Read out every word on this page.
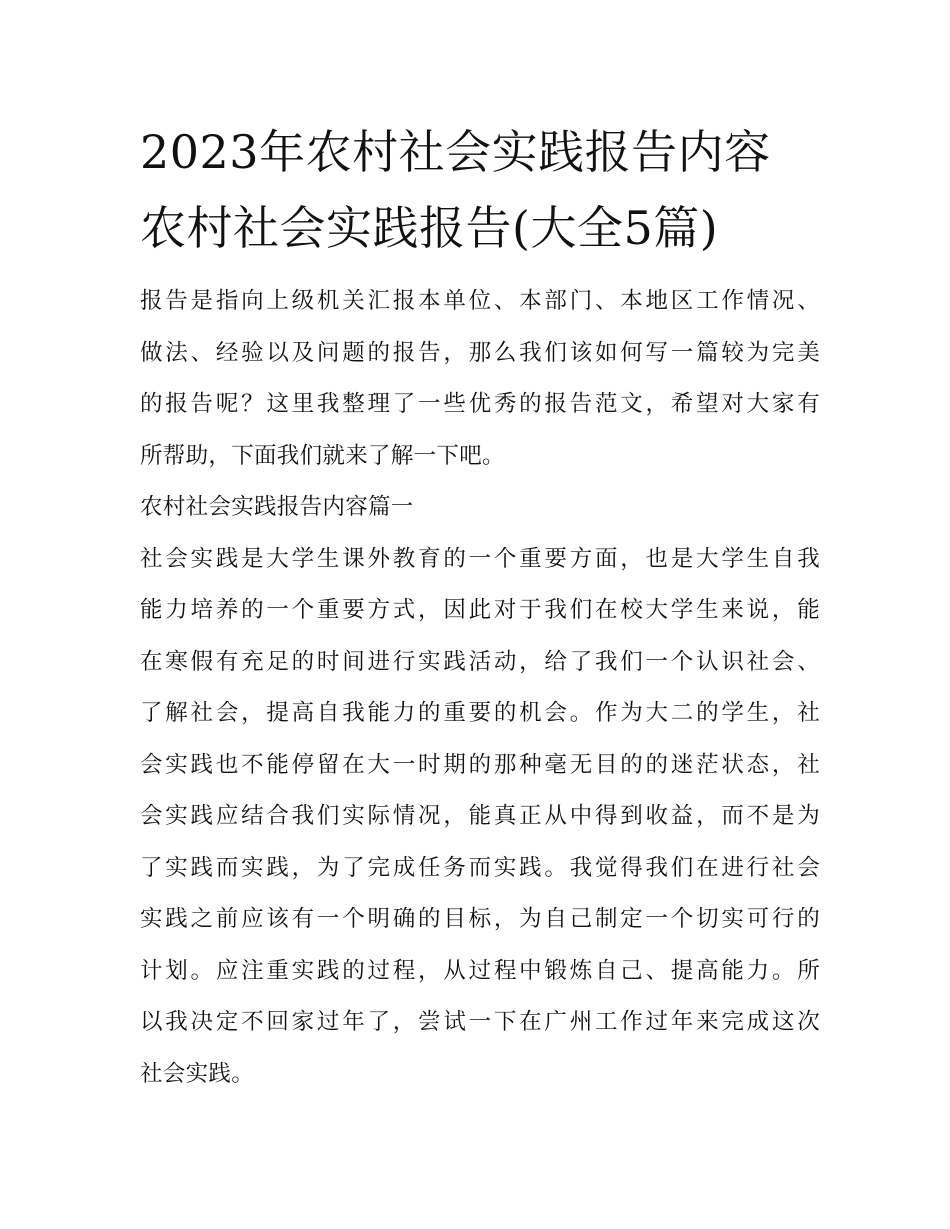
2023年农村社会实践报告内容
农村社会实践报告(大全5篇)

报告是指向上级机关汇报本单位、本部门、本地区工作情况、
做法、经验以及问题的报告，那么我们该如何写一篇较为完美
的报告呢？这里我整理了一些优秀的报告范文，希望对大家有
所帮助，下面我们就来了解一下吧。

农村社会实践报告内容篇一

社会实践是大学生课外教育的一个重要方面，也是大学生自我
能力培养的一个重要方式，因此对于我们在校大学生来说，能
在寒假有充足的时间进行实践活动，给了我们一个认识社会、
了解社会，提高自我能力的重要的机会。作为大二的学生，社
会实践也不能停留在大一时期的那种毫无目的的迷茫状态，社
会实践应结合我们实际情况，能真正从中得到收益，而不是为
了实践而实践，为了完成任务而实践。我觉得我们在进行社会
实践之前应该有一个明确的目标，为自己制定一个切实可行的
计划。应注重实践的过程，从过程中锻炼自己、提高能力。所
以我决定不回家过年了，尝试一下在广州工作过年来完成这次
社会实践。
